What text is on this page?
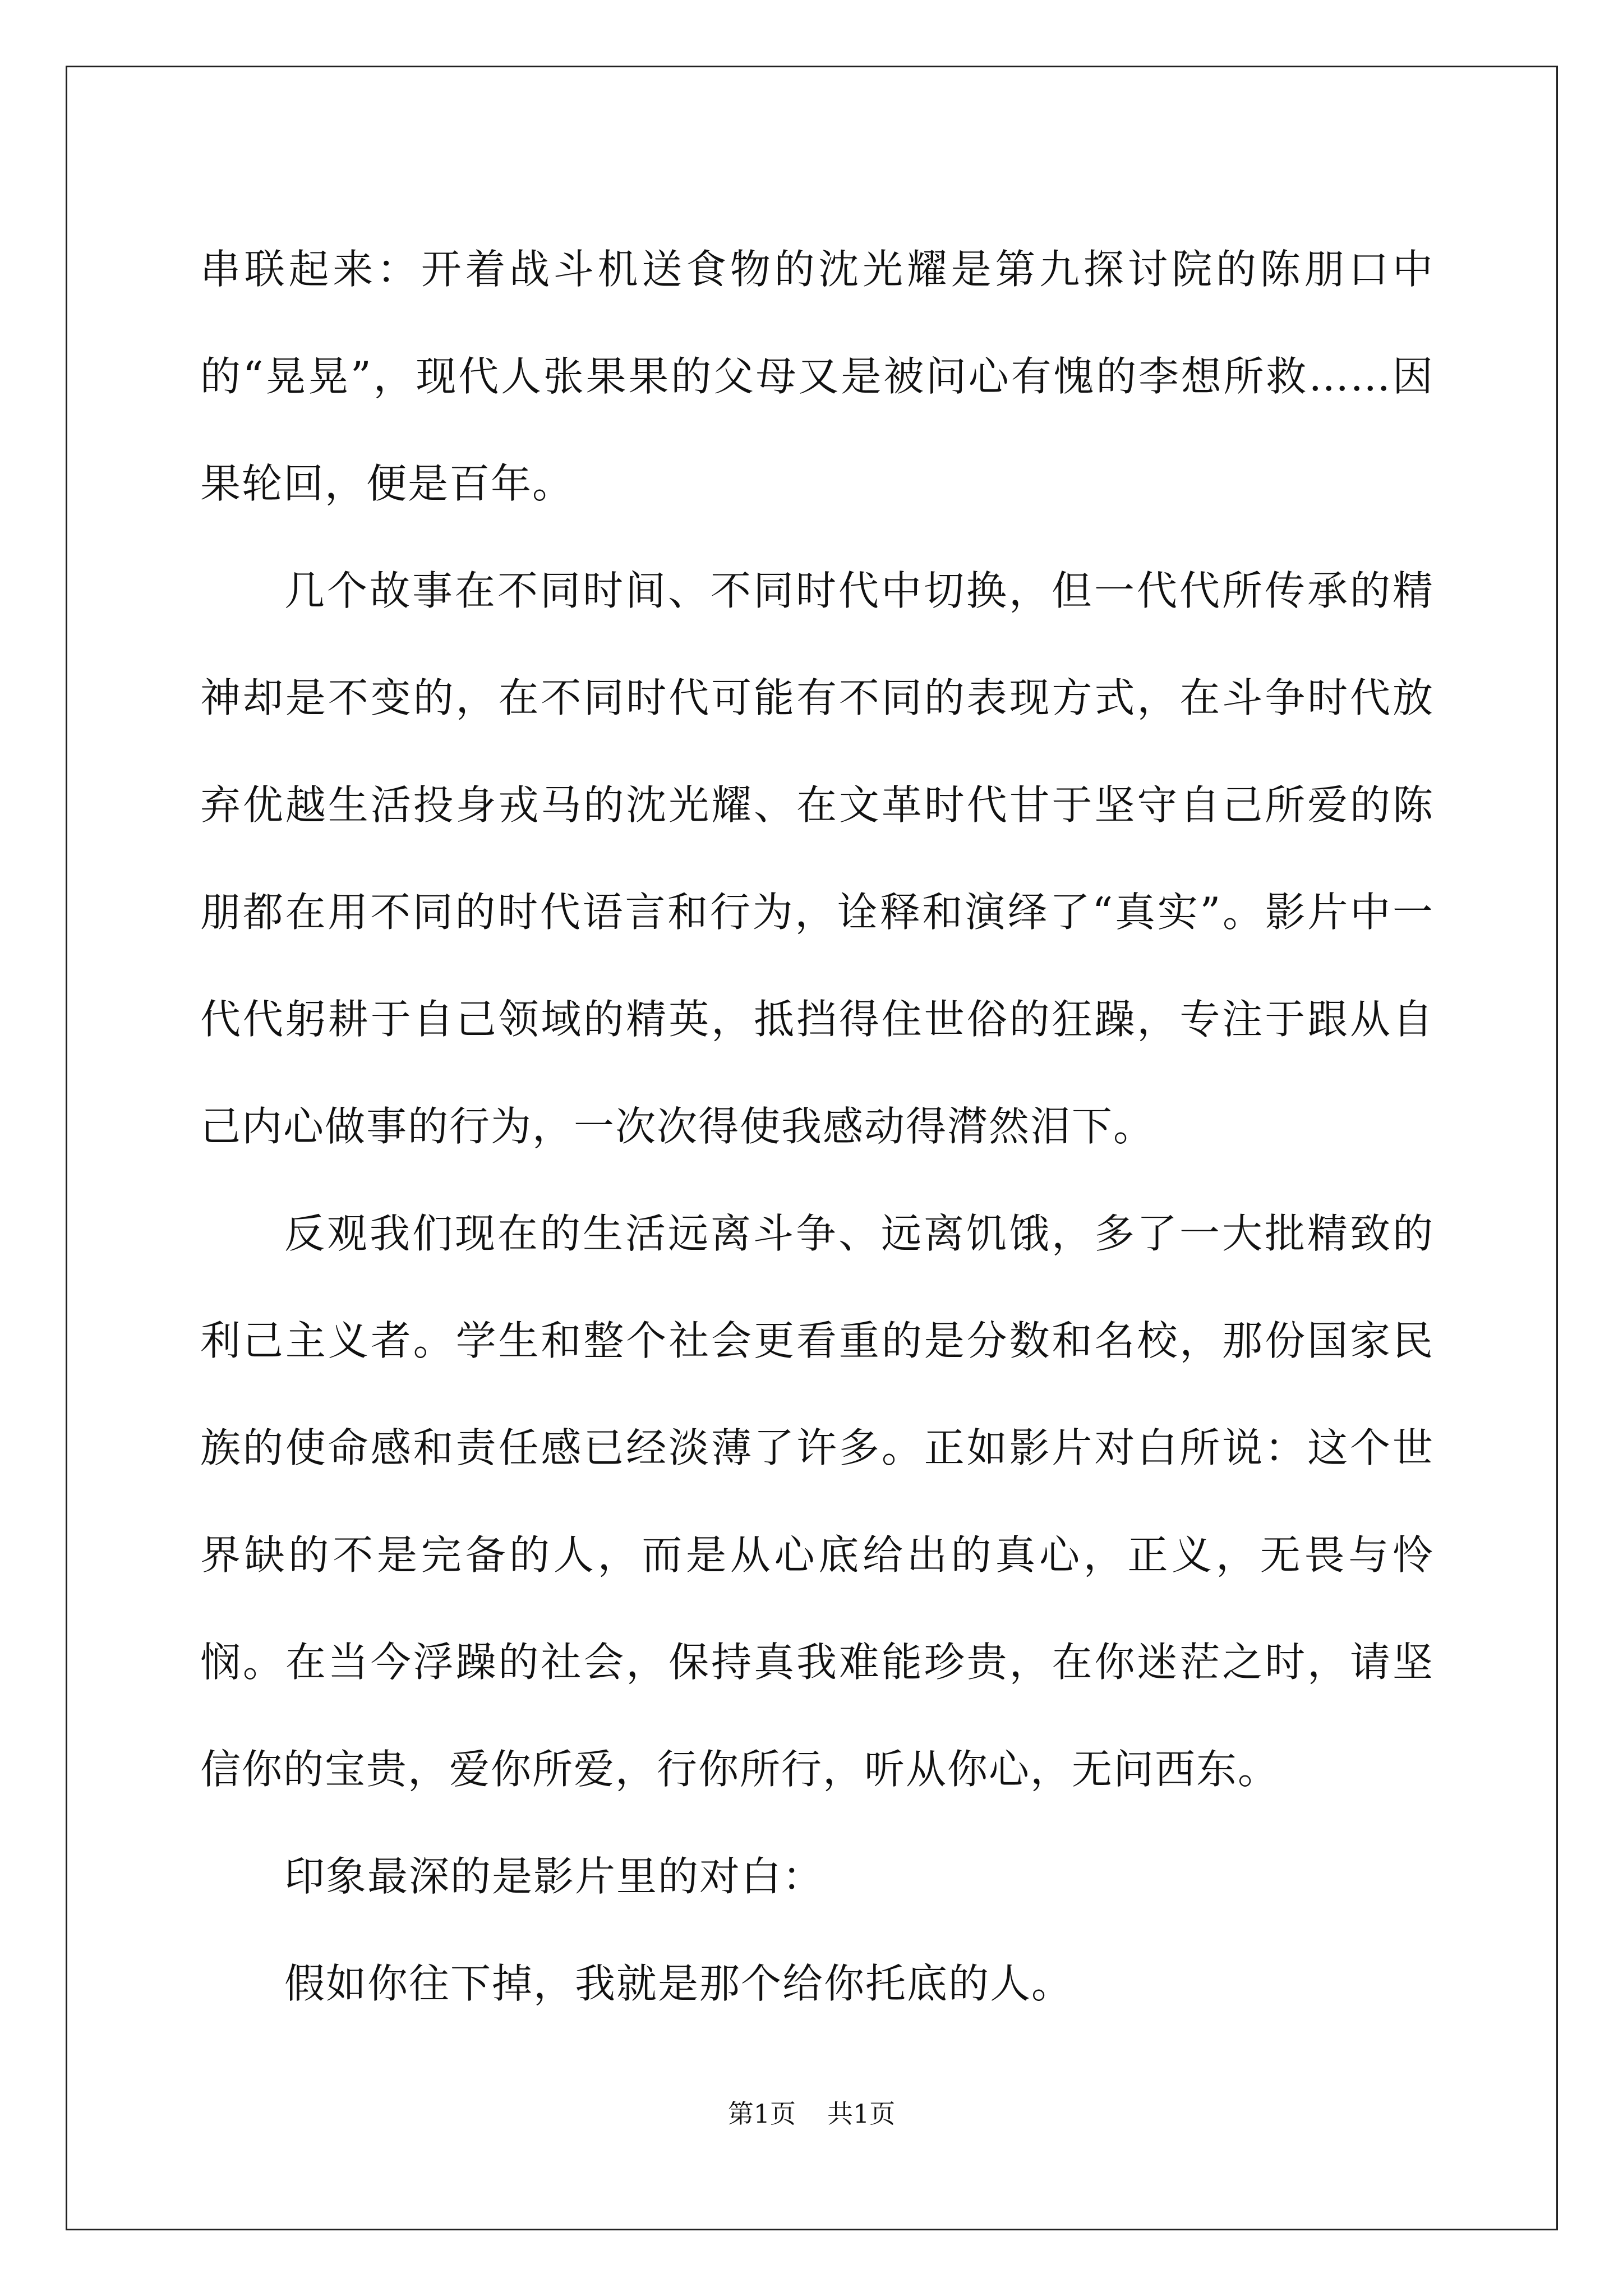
串联起来：开着战斗机送食物的沈光耀是第九探讨院的陈朋口中的“晃晃”，现代人张果果的父母又是被问心有愧的李想所救……因果轮回，便是百年。

几个故事在不同时间、不同时代中切换，但一代代所传承的精神却是不变的，在不同时代可能有不同的表现方式，在斗争时代放弃优越生活投身戎马的沈光耀、在文革时代甘于坚守自己所爱的陈朋都在用不同的时代语言和行为，诠释和演绎了“真实”。影片中一代代躬耕于自己领域的精英，抵挡得住世俗的狂躁，专注于跟从自己内心做事的行为，一次次得使我感动得潸然泪下。

反观我们现在的生活远离斗争、远离饥饿，多了一大批精致的利己主义者。学生和整个社会更看重的是分数和名校，那份国家民族的使命感和责任感已经淡薄了许多。正如影片对白所说：这个世界缺的不是完备的人，而是从心底给出的真心，正义，无畏与怜悯。在当今浮躁的社会，保持真我难能珍贵，在你迷茫之时，请坚信你的宝贵，爱你所爱，行你所行，听从你心，无问西东。

印象最深的是影片里的对白：

假如你往下掉，我就是那个给你托底的人。

第1页 共1页
